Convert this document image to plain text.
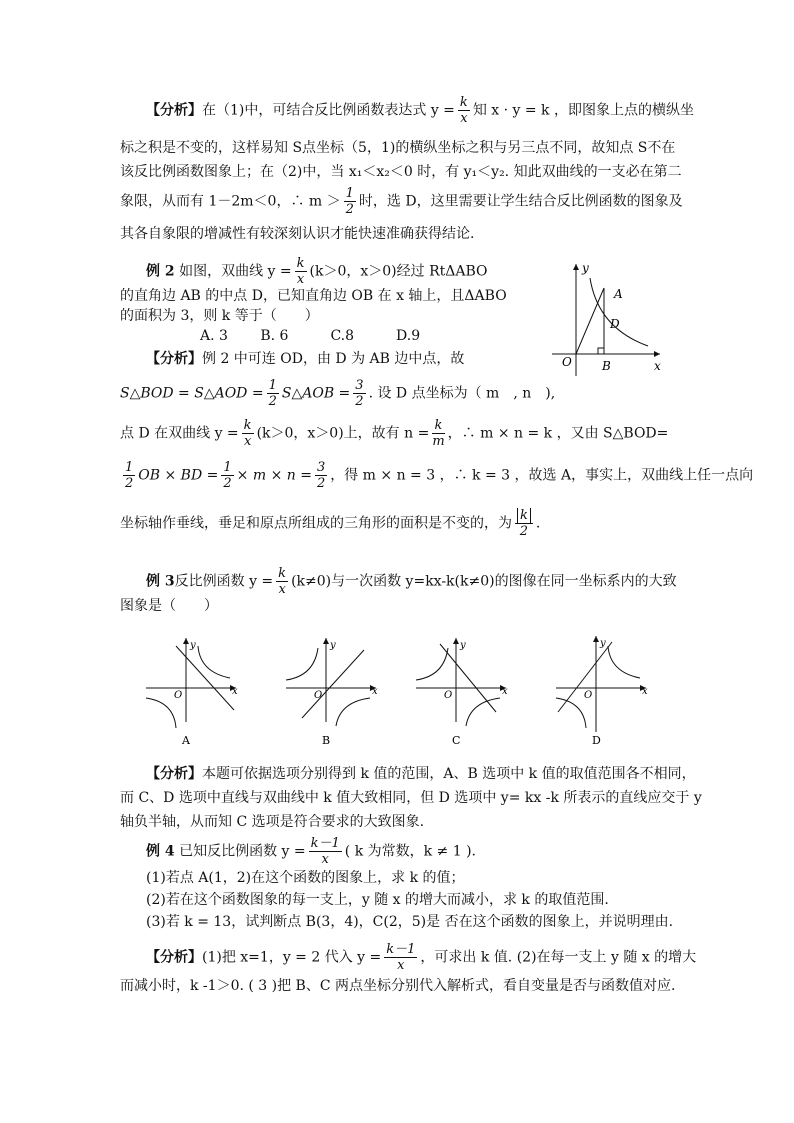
【分析】在（1)中，可结合反比例函数表达式 $y = \frac{k}{x}$ 知 x · y = k ，即图象上点的横纵坐
标之积是不变的，这样易知 S点坐标（5，1)的横纵坐标之积与另三点不同，故知点 S不在
该反比例函数图象上；在（2)中，当 x₁＜x₂＜0 时，有 y₁＜y₂. 知此双曲线的一支必在第二
象限，从而有 1－2m＜0，∴ $m > \frac{1}{2}$ 时，选 D，这里需要让学生结合反比例函数的图象及
其各自象限的增减性有较深刻认识才能快速准确获得结论.
例 2 如图，双曲线 $y = \frac{k}{x} (k>0$，x＞0)经过 RtΔABO
的直角边 AB 的中点 D，已知直角边 OB 在 x 轴上，且ΔABO
的面积为 3，则 k 等于（　　）
A. 3　　 B. 6　　　C.8　　　D.9
y
x
O
A
B
D
【分析】例 2 中可连 OD，由 D 为 AB 边中点，故
S△BOD = S△AOD = $\frac{1}{2}$ S△AOB = $\frac{3}{2}$ . 设 D 点坐标为（ m　, n　),
点 D 在双曲线 $y = \frac{k}{x} (k>0$，x＞0)上，故有 $n = \frac{k}{m}$ ，∴ m × n = k ，又由 S△BOD=
$\frac{1}{2}$ OB × BD = $\frac{1}{2} \times m \times n = \frac{3}{2}$ ，得 m × n = 3 ，∴ k = 3 ，故选 A，事实上，双曲线上任一点向
坐标轴作垂线，垂足和原点所组成的三角形的面积是不变的，为 $\frac{k}{2}$ .
例 3反比例函数 $y = \frac{k}{x} (k\ne 0)$与一次函数 y=kx-k(k≠0)的图像在同一坐标系内的大致
图象是（　　）
y
x
O
A
y
x
O
B
y
x
O
C
y
x
O
D
【分析】本题可依据选项分别得到 k 值的范围，A、B 选项中 k 值的取值范围各不相同，
而 C、D 选项中直线与双曲线中 k 值大致相同，但 D 选项中 y= kx -k 所表示的直线应交于 y
轴负半轴，从而知 C 选项是符合要求的大致图象.
例 4 已知反比例函数 $y = \frac{k-1}{x}$ ( k 为常数，k ≠ 1 ).
(1)若点 A(1，2)在这个函数的图象上，求 k 的值；
(2)若在这个函数图象的每一支上，y 随 x 的增大而减小，求 k 的取值范围.
(3)若 k = 13，试判断点 B(3，4)，C(2，5)是 否在这个函数的图象上，并说明理由.
【分析】(1)把 x=1，y = 2 代入 $y = \frac{k-1}{x}$ ，可求出 k 值. (2)在每一支上 y 随 x 的增大
而减小时，k -1＞0. ( 3 )把 B、C 两点坐标分别代入解析式，看自变量是否与函数值对应.
